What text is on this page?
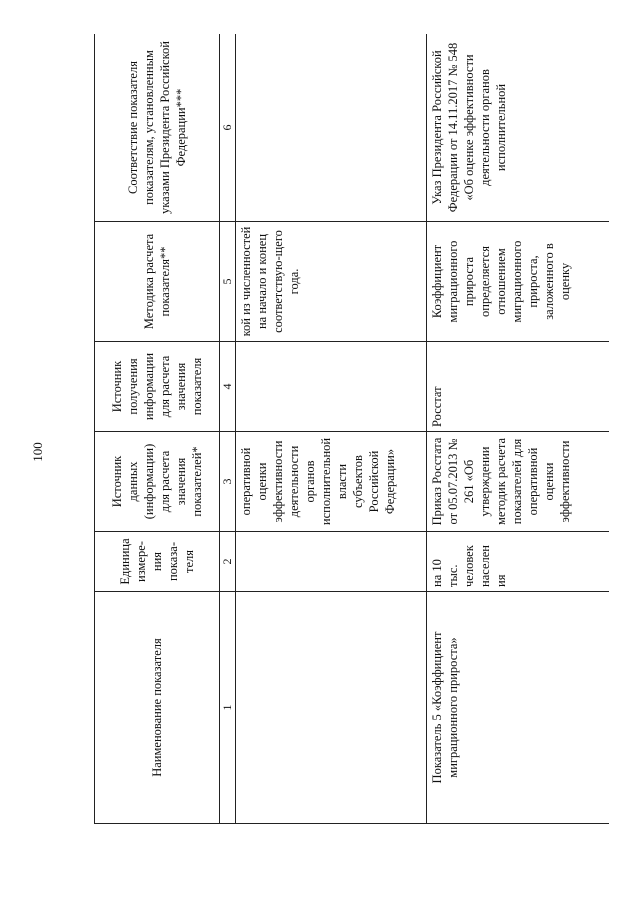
100
Наименование показателя	Единица измере-ния показа-теля	Источник данных (информации) для расчета значения показателей*	Источник получения информации для расчета значения показателя	Методика расчета показателя**	Соответствие показателя показателям, установленным указами Президента Российской Федерации***
1	2	3	4	5	6
		оперативной оценки эффективности деятельности органов исполнительной власти субъектов Российской Федерации»		кой из численностей на начало и конец соответствую-щего года.	
Показатель 5 «Коэффициент миграционного прироста»	на 10 тыс. человек населен ия	Приказ Росстата от 05.07.2013 № 261 «Об утверждении методик расчета показателей для оперативной оценки эффективности	Росстат	Коэффициент миграционного прироста определяется отношением миграционного прироста, заложенного в оценку	Указ Президента Российской Федерации от 14.11.2017 № 548 «Об оценке эффективности деятельности органов исполнительной
